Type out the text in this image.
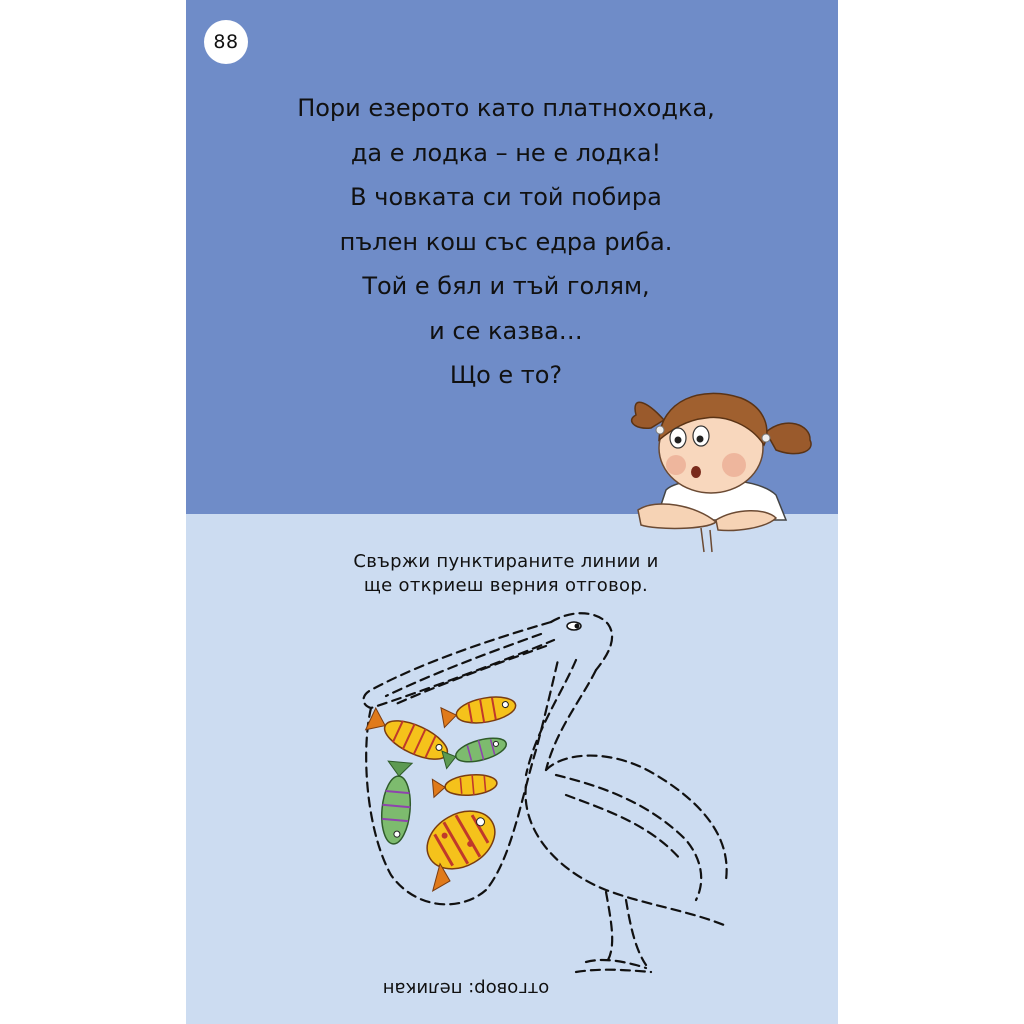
88
Пори езерото като платноходка,
да е лодка – не е лодка!
В човката си той побира
пълен кош със едра риба.
Той е бял и тъй голям,
и се казва…
Що е то?
Свържи пунктираните линии и
ще откриеш верния отговор.
отговор: пеликан
